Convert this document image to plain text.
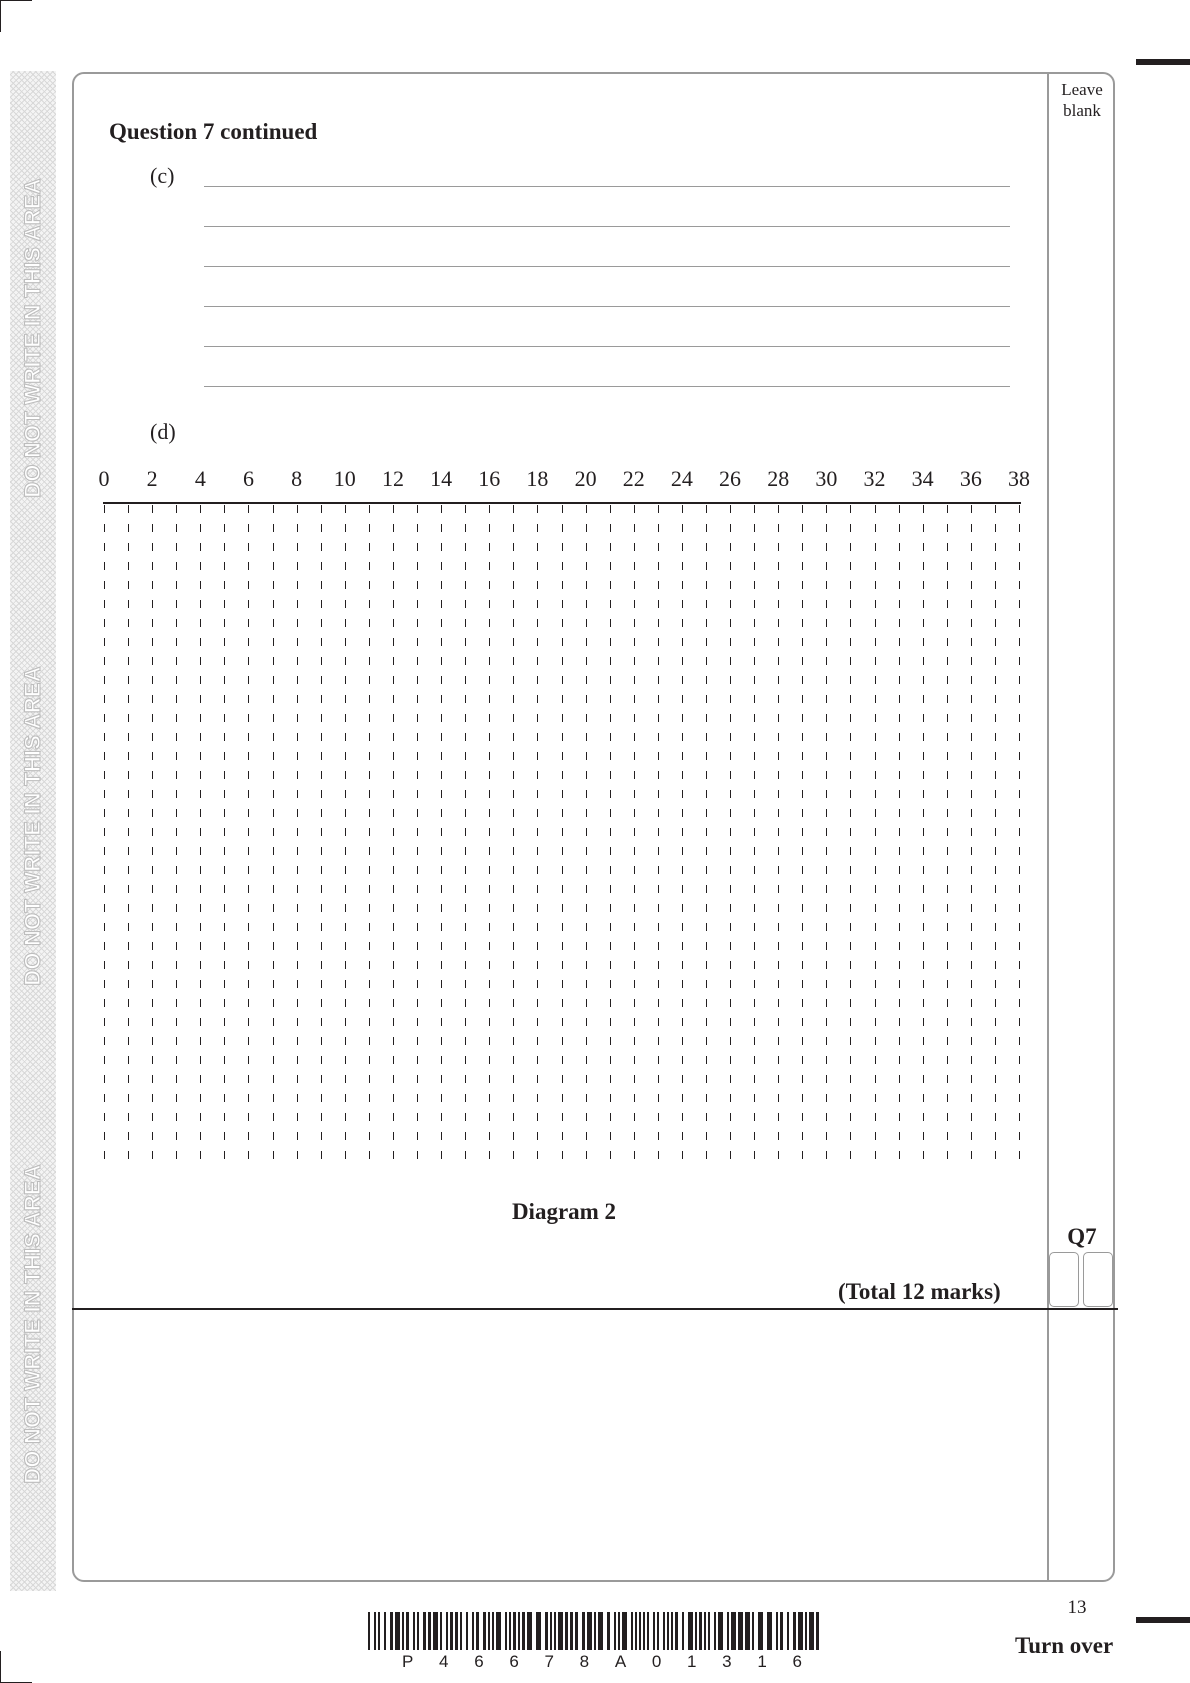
DO NOT WRITE IN THIS AREA
DO NOT WRITE IN THIS AREA
DO NOT WRITE IN THIS AREA
Leave blank
Question 7 continued
(c)
(d)
0 2 4 6 8 10 12 14 16 18 20 22 24 26 28 30 32 34 36 38
Diagram 2
Q7
(Total 12 marks)
13
Turn over
P 4 6 6 7 8 A 0 1 3 1 6
